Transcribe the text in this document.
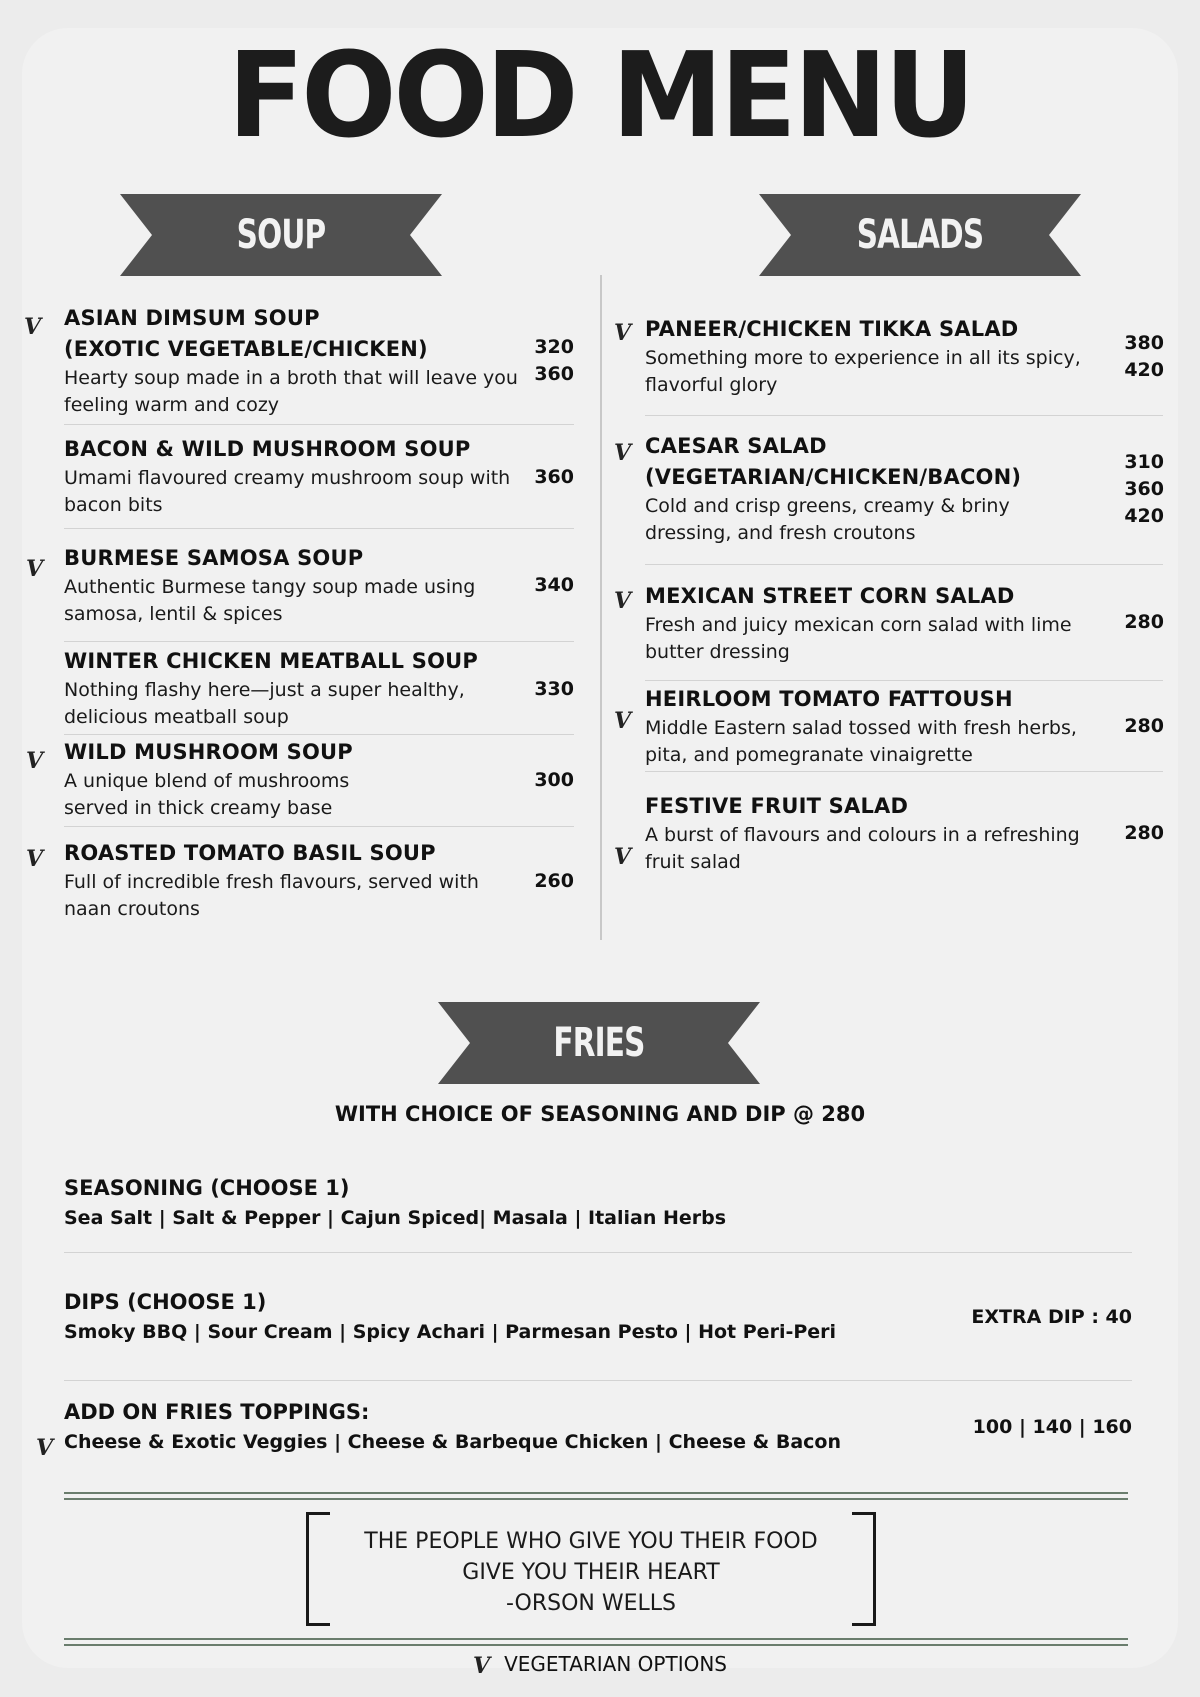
FOOD MENU
SOUP	SALADS
FRIES
V ASIAN DIMSUM SOUP
(EXOTIC VEGETABLE/CHICKEN)
Hearty soup made in a broth that will leave you feeling warm and cozy
320
360
BACON & WILD MUSHROOM SOUP
Umami flavoured creamy mushroom soup with bacon bits
360
V BURMESE SAMOSA SOUP
Authentic Burmese tangy soup made using samosa, lentil & spices
340
WINTER CHICKEN MEATBALL SOUP
Nothing flashy here—just a super healthy, delicious meatball soup
330
V WILD MUSHROOM SOUP
A unique blend of mushrooms
served in thick creamy base
300
V ROASTED TOMATO BASIL SOUP
Full of incredible fresh flavours, served with naan croutons
260
V PANEER/CHICKEN TIKKA SALAD
Something more to experience in all its spicy, flavorful glory
380
420
V CAESAR SALAD
(VEGETARIAN/CHICKEN/BACON)
Cold and crisp greens, creamy & briny dressing, and fresh croutons
310
360
420
V MEXICAN STREET CORN SALAD
Fresh and juicy mexican corn salad with lime butter dressing
280
V
HEIRLOOM TOMATO FATTOUSH
Middle Eastern salad tossed with fresh herbs, pita, and pomegranate vinaigrette
280
V
FESTIVE FRUIT SALAD
A burst of flavours and colours in a refreshing fruit salad
280
WITH CHOICE OF SEASONING AND DIP @ 280
SEASONING (CHOOSE 1)
Sea Salt | Salt & Pepper | Cajun Spiced| Masala | Italian Herbs
DIPS (CHOOSE 1)
Smoky BBQ | Sour Cream | Spicy Achari | Parmesan Pesto | Hot Peri-Peri
EXTRA DIP : 40
ADD ON FRIES TOPPINGS:
V Cheese & Exotic Veggies | Cheese & Barbeque Chicken | Cheese & Bacon
100 | 140 | 160
THE PEOPLE WHO GIVE YOU THEIR FOOD
GIVE YOU THEIR HEART
-ORSON WELLS
V VEGETARIAN OPTIONS
